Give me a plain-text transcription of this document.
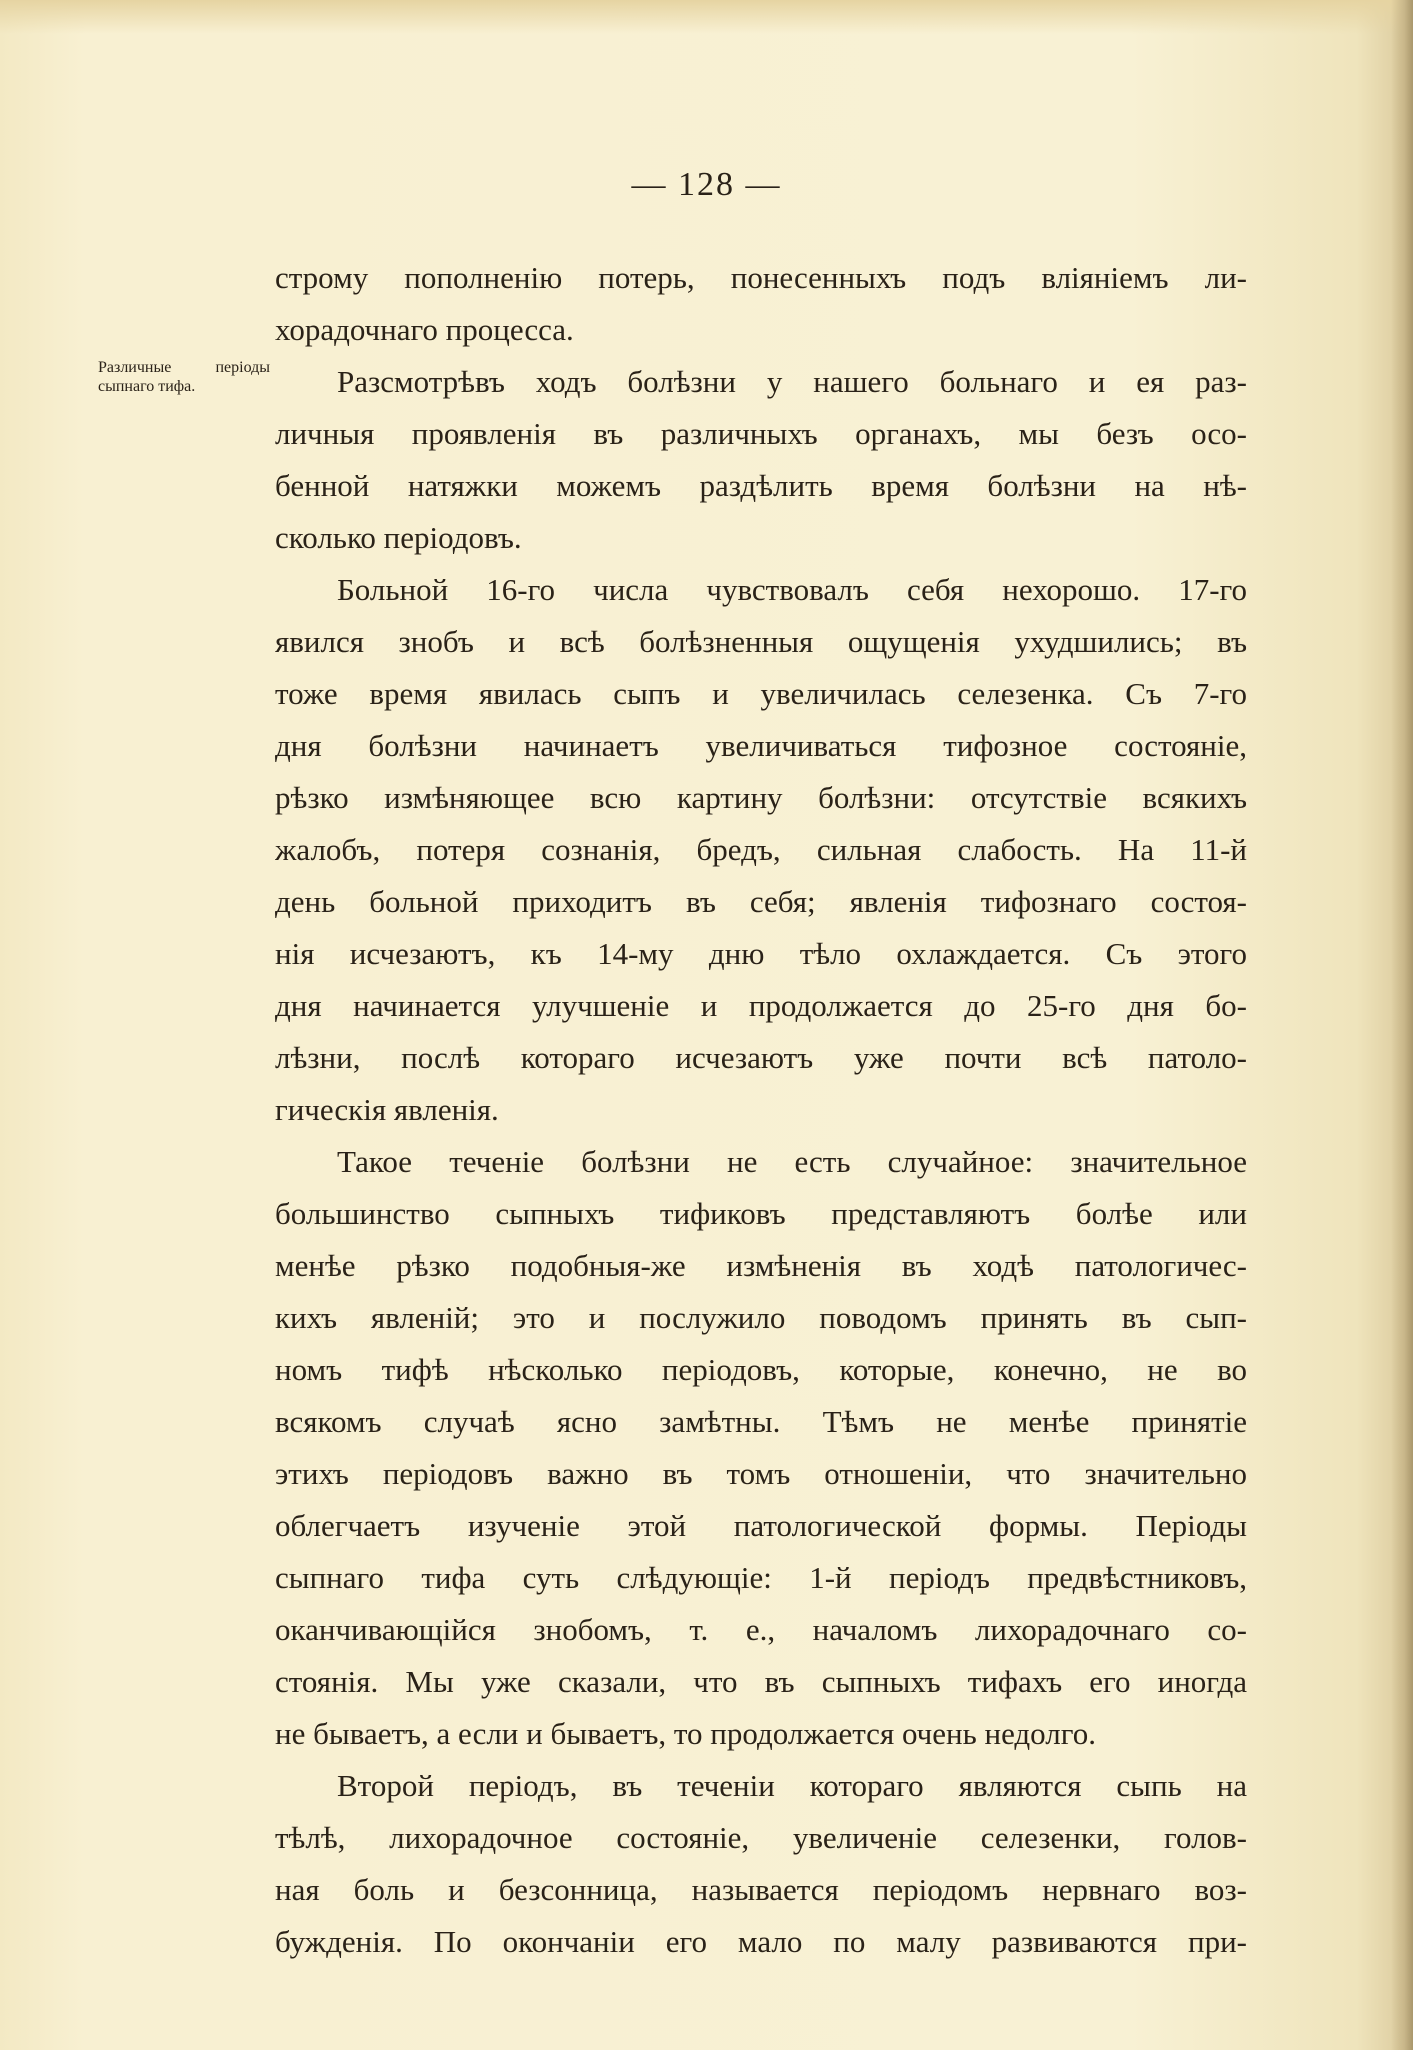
— 128 —
Различные періоды сыпнаго тифа.
строму пополненію потерь, понесенныхъ подъ вліяніемъ ли-
хорадочнаго процесса.
Разсмотрѣвъ ходъ болѣзни у нашего больнаго и ея раз-
личныя проявленія въ различныхъ органахъ, мы безъ осо-
бенной натяжки можемъ раздѣлить время болѣзни на нѣ-
сколько періодовъ.
Больной 16-го числа чувствовалъ себя нехорошо. 17-го
явился знобъ и всѣ болѣзненныя ощущенія ухудшились; въ
тоже время явилась сыпъ и увеличилась селезенка. Съ 7-го
дня болѣзни начинаетъ увеличиваться тифозное состояніе,
рѣзко измѣняющее всю картину болѣзни: отсутствіе всякихъ
жалобъ, потеря сознанія, бредъ, сильная слабость. На 11-й
день больной приходитъ въ себя; явленія тифознаго состоя-
нія исчезаютъ, къ 14-му дню тѣло охлаждается. Съ этого
дня начинается улучшеніе и продолжается до 25-го дня бо-
лѣзни, послѣ котораго исчезаютъ уже почти всѣ патоло-
гическія явленія.
Такое теченіе болѣзни не есть случайное: значительное
большинство сыпныхъ тификовъ представляютъ болѣе или
менѣе рѣзко подобныя-же измѣненія въ ходѣ патологичес-
кихъ явленій; это и послужило поводомъ принять въ сып-
номъ тифѣ нѣсколько періодовъ, которые, конечно, не во
всякомъ случаѣ ясно замѣтны. Тѣмъ не менѣе принятіе
этихъ періодовъ важно въ томъ отношеніи, что значительно
облегчаетъ изученіе этой патологической формы. Періоды
сыпнаго тифа суть слѣдующіе: 1-й періодъ предвѣстниковъ,
оканчивающійся знобомъ, т. е., началомъ лихорадочнаго со-
стоянія. Мы уже сказали, что въ сыпныхъ тифахъ его иногда
не бываетъ, а если и бываетъ, то продолжается очень недолго.
Второй періодъ, въ теченіи котораго являются сыпь на
тѣлѣ, лихорадочное состояніе, увеличеніе селезенки, голов-
ная боль и безсонница, называется періодомъ нервнаго воз-
бужденія. По окончаніи его мало по малу развиваются при-
